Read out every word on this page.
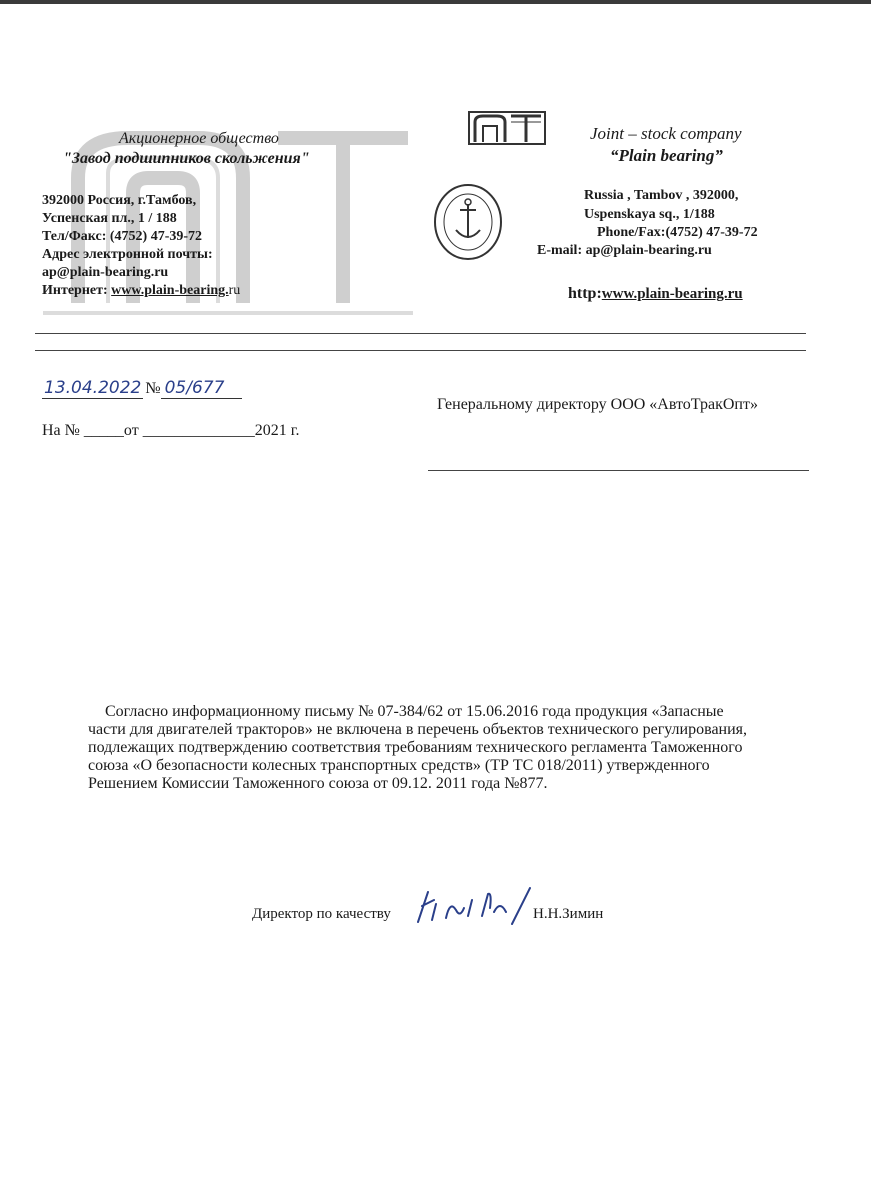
Акционерное общество
"Завод подшипников скольжения"
392000 Россия, г.Тамбов,
Успенская пл., 1 / 188
Тел/Факс: (4752) 47-39-72
Адрес электронной почты:
ap@plain-bearing.ru
Интернет: www.plain-bearing.ru
Joint – stock company
“Plain bearing”
Russia , Tambov , 392000,
Uspenskaya sq., 1/188
Phone/Fax:(4752) 47-39-72
E-mail: ap@plain-bearing.ru
http:www.plain-bearing.ru
13.04.2022 № 05/677
На № _____от ______________2021 г.
Генеральному директору ООО «АвтоТракОпт»
Согласно информационному письму № 07-384/62 от 15.06.2016 года продукция «Запасные части для двигателей тракторов» не включена в перечень объектов технического регулирования, подлежащих подтверждению соответствия требованиям технического регламента Таможенного союза «О безопасности колесных транспортных средств» (ТР ТС 018/2011) утвержденного Решением Комиссии Таможенного союза от 09.12. 2011 года №877.
Директор по качеству	Н.Н.Зимин
